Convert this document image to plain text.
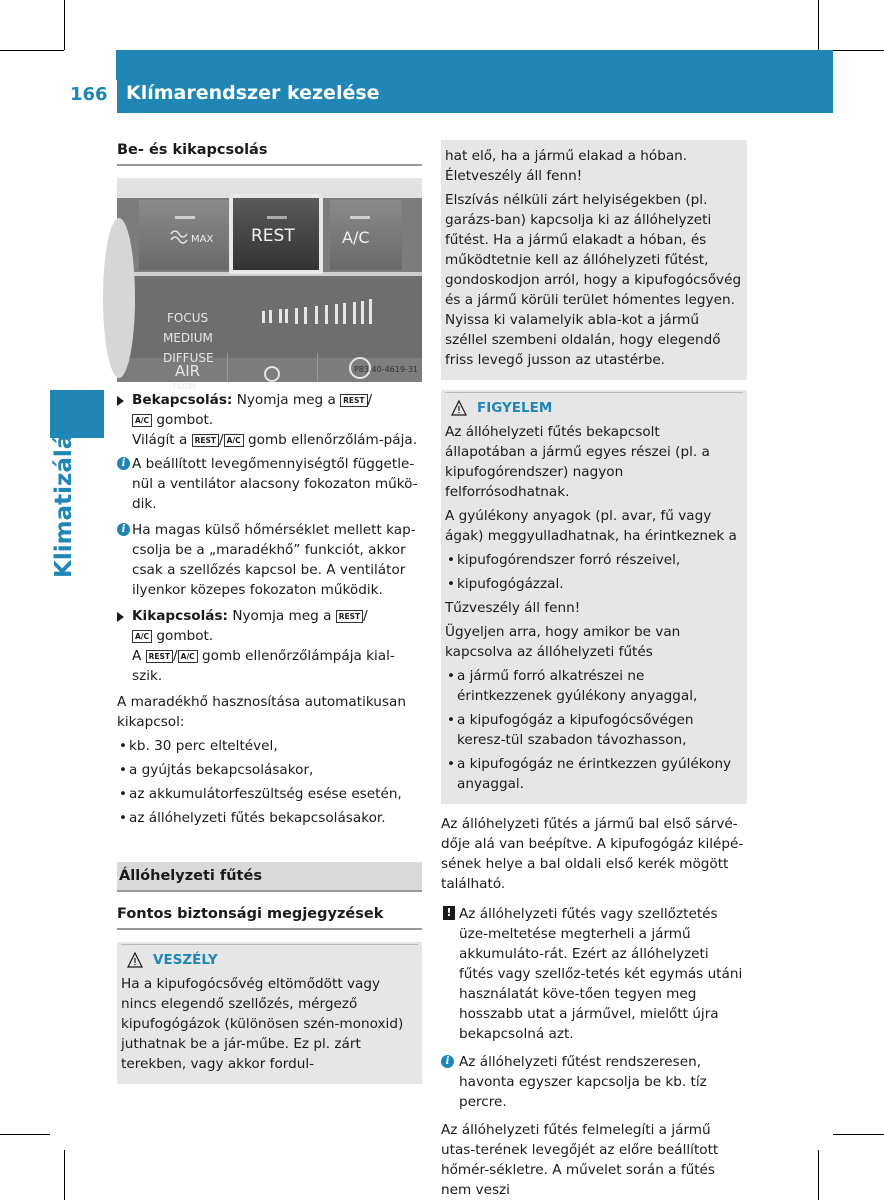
166 Klímarendszer kezelése
Klimatizálás
Be- és kikapcsolás
MAX REST	A/C
FOCUS
MEDIUM
DIFFUSE
AIR
FLOW
P83.40-4619-31
Bekapcsolás: Nyomja meg a REST /
A/C gombot.
Világít a REST / A/C gomb ellenőrzőlám-pája.
i A beállított levegőmennyiségtől függetle-nül a ventilátor alacsony fokozaton műkö-dik.
i Ha magas külső hőmérséklet mellett kap-csolja be a „maradékhő” funkciót, akkor csak a szellőzés kapcsol be. A ventilátor ilyenkor közepes fokozaton működik.
Kikapcsolás: Nyomja meg a REST /
A/C gombot.
A REST / A/C gomb ellenőrzőlámpája kial-szik.

A maradékhő hasznosítása automatikusan kikapcsol:

• kb. 30 perc elteltével,
• a gyújtás bekapcsolásakor,
• az akkumulátorfeszültség esése esetén,
• az állóhelyzeti fűtés bekapcsolásakor.
Állóhelyzeti fűtés
Fontos biztonsági megjegyzések
VESZÉLY

Ha a kipufogócsővég eltömődött vagy nincs elegendő szellőzés, mérgező kipufogógázok (különösen szén-monoxid) juthatnak be a jár-műbe. Ez pl. zárt terekben, vagy akkor fordul-

hat elő, ha a jármű elakad a hóban. Életveszély áll fenn!

Elszívás nélküli zárt helyiségekben (pl. garázs-ban) kapcsolja ki az állóhelyzeti fűtést. Ha a jármű elakadt a hóban, és működtetnie kell az állóhelyzeti fűtést, gondoskodjon arról, hogy a kipufogócsővég és a jármű körüli terület hómentes legyen. Nyissa ki valamelyik abla-kot a jármű széllel szembeni oldalán, hogy elegendő friss levegő jusson az utastérbe.

FIGYELEM

Az állóhelyzeti fűtés bekapcsolt állapotában a jármű egyes részei (pl. a kipufogórendszer) nagyon felforrósodhatnak.

A gyúlékony anyagok (pl. avar, fű vagy ágak) meggyulladhatnak, ha érintkeznek a

• kipufogórendszer forró részeivel,
• kipufogógázzal.

Tűzveszély áll fenn!

Ügyeljen arra, hogy amikor be van kapcsolva az állóhelyzeti fűtés

• a jármű forró alkatrészei ne érintkezzenek gyúlékony anyaggal,
• a kipufogógáz a kipufogócsővégen keresz-tül szabadon távozhasson,
• a kipufogógáz ne érintkezzen gyúlékony anyaggal.

Az állóhelyzeti fűtés a jármű bal első sárvé-dője alá van beépítve. A kipufogógáz kilépé-sének helye a bal oldali első kerék mögött található.

! Az állóhelyzeti fűtés vagy szellőztetés üze-meltetése megterheli a jármű akkumuláto-rát. Ezért az állóhelyzeti fűtés vagy szellőz-tetés két egymás utáni használatát köve-tően tegyen meg hosszabb utat a járművel, mielőtt újra bekapcsolná azt.
i Az állóhelyzeti fűtést rendszeresen, havonta egyszer kapcsolja be kb. tíz percre.

Az állóhelyzeti fűtés felmelegíti a jármű utas-terének levegőjét az előre beállított hőmér-sékletre. A művelet során a fűtés nem veszi
